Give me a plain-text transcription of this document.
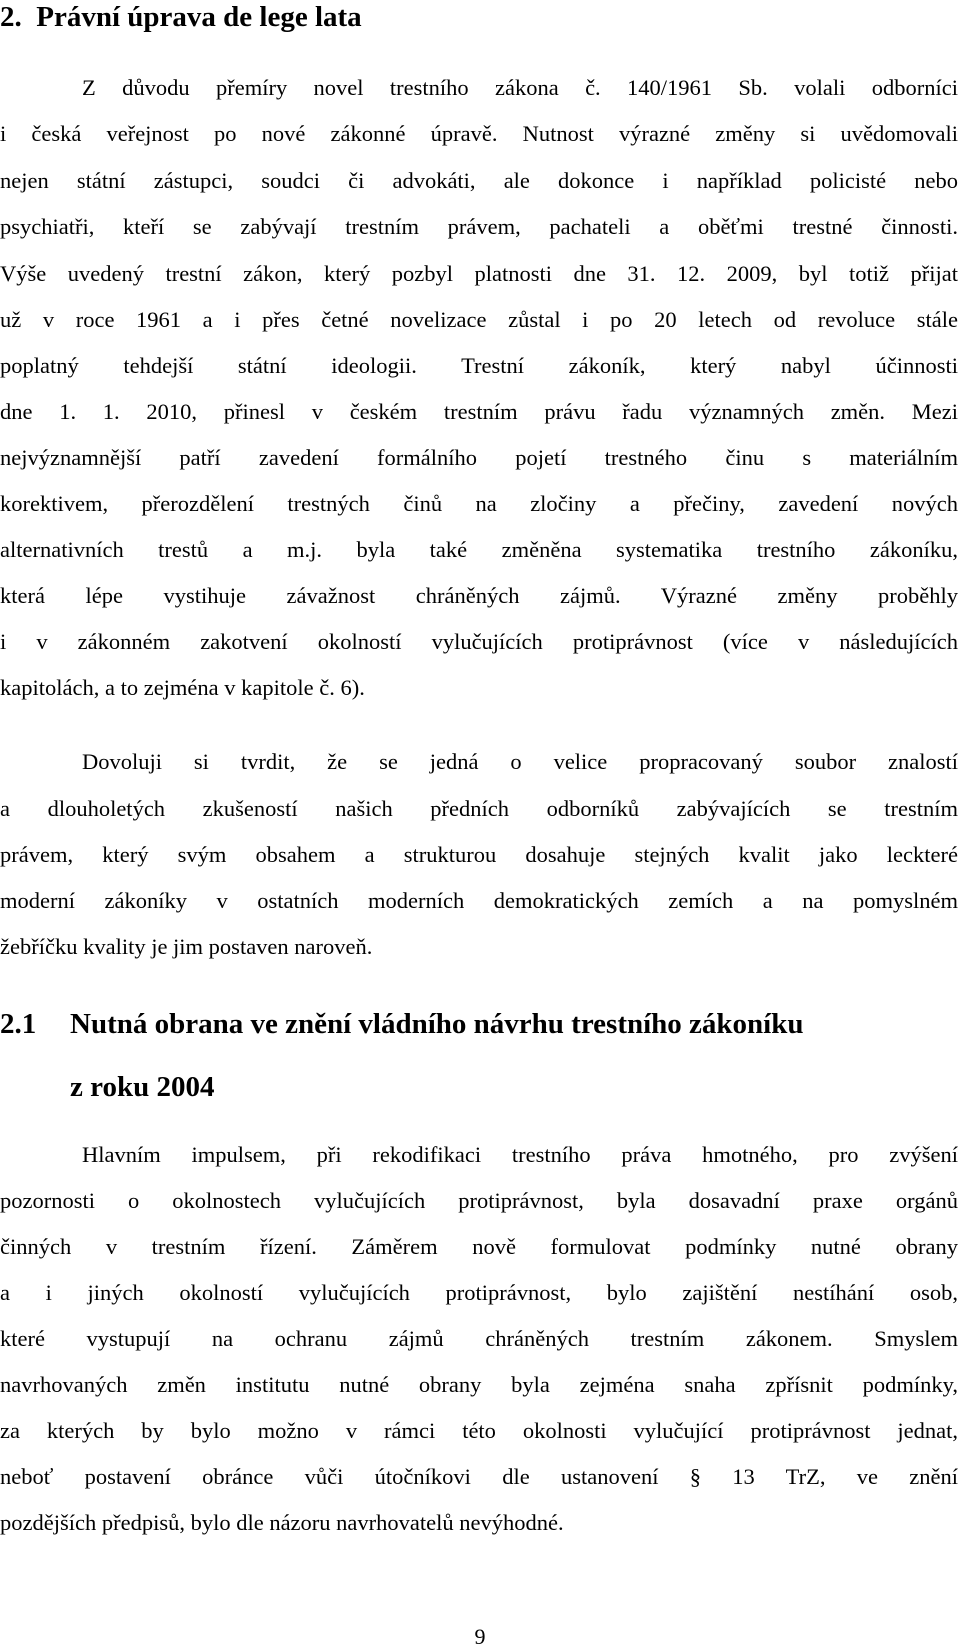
2. Právní úprava de lege lata

Z důvodu přemíry novel trestního zákona č. 140/1961 Sb. volali odborníci

i česká veřejnost po nové zákonné úpravě. Nutnost výrazné změny si uvědomovali

nejen státní zástupci, soudci či advokáti, ale dokonce i například policisté nebo

psychiatři, kteří se zabývají trestním právem, pachateli a oběťmi trestné činnosti.

Výše uvedený trestní zákon, který pozbyl platnosti dne 31. 12. 2009, byl totiž přijat

už v roce 1961 a i přes četné novelizace zůstal i po 20 letech od revoluce stále

poplatný tehdejší státní ideologii. Trestní zákoník, který nabyl účinnosti

dne 1. 1. 2010, přinesl v českém trestním právu řadu významných změn. Mezi

nejvýznamnější patří zavedení formálního pojetí trestného činu s materiálním

korektivem, přerozdělení trestných činů na zločiny a přečiny, zavedení nových

alternativních trestů a m.j. byla také změněna systematika trestního zákoníku,

která lépe vystihuje závažnost chráněných zájmů. Výrazné změny proběhly

i v zákonném zakotvení okolností vylučujících protiprávnost (více v následujících

kapitolách, a to zejména v kapitole č. 6).

Dovoluji si tvrdit, že se jedná o velice propracovaný soubor znalostí

a dlouholetých zkušeností našich předních odborníků zabývajících se trestním

právem, který svým obsahem a strukturou dosahuje stejných kvalit jako leckteré

moderní zákoníky v ostatních moderních demokratických zemích a na pomyslném

žebříčku kvality je jim postaven naroveň.

2.1 Nutná obrana ve znění vládního návrhu trestního zákoníku
z roku 2004

Hlavním impulsem, při rekodifikaci trestního práva hmotného, pro zvýšení

pozornosti o okolnostech vylučujících protiprávnost, byla dosavadní praxe orgánů

činných v trestním řízení. Záměrem nově formulovat podmínky nutné obrany

a i jiných okolností vylučujících protiprávnost, bylo zajištění nestíhání osob,

které vystupují na ochranu zájmů chráněných trestním zákonem. Smyslem

navrhovaných změn institutu nutné obrany byla zejména snaha zpřísnit podmínky,

za kterých by bylo možno v rámci této okolnosti vylučující protiprávnost jednat,

neboť postavení obránce vůči útočníkovi dle ustanovení § 13 TrZ, ve znění

pozdějších předpisů, bylo dle názoru navrhovatelů nevýhodné.

9
